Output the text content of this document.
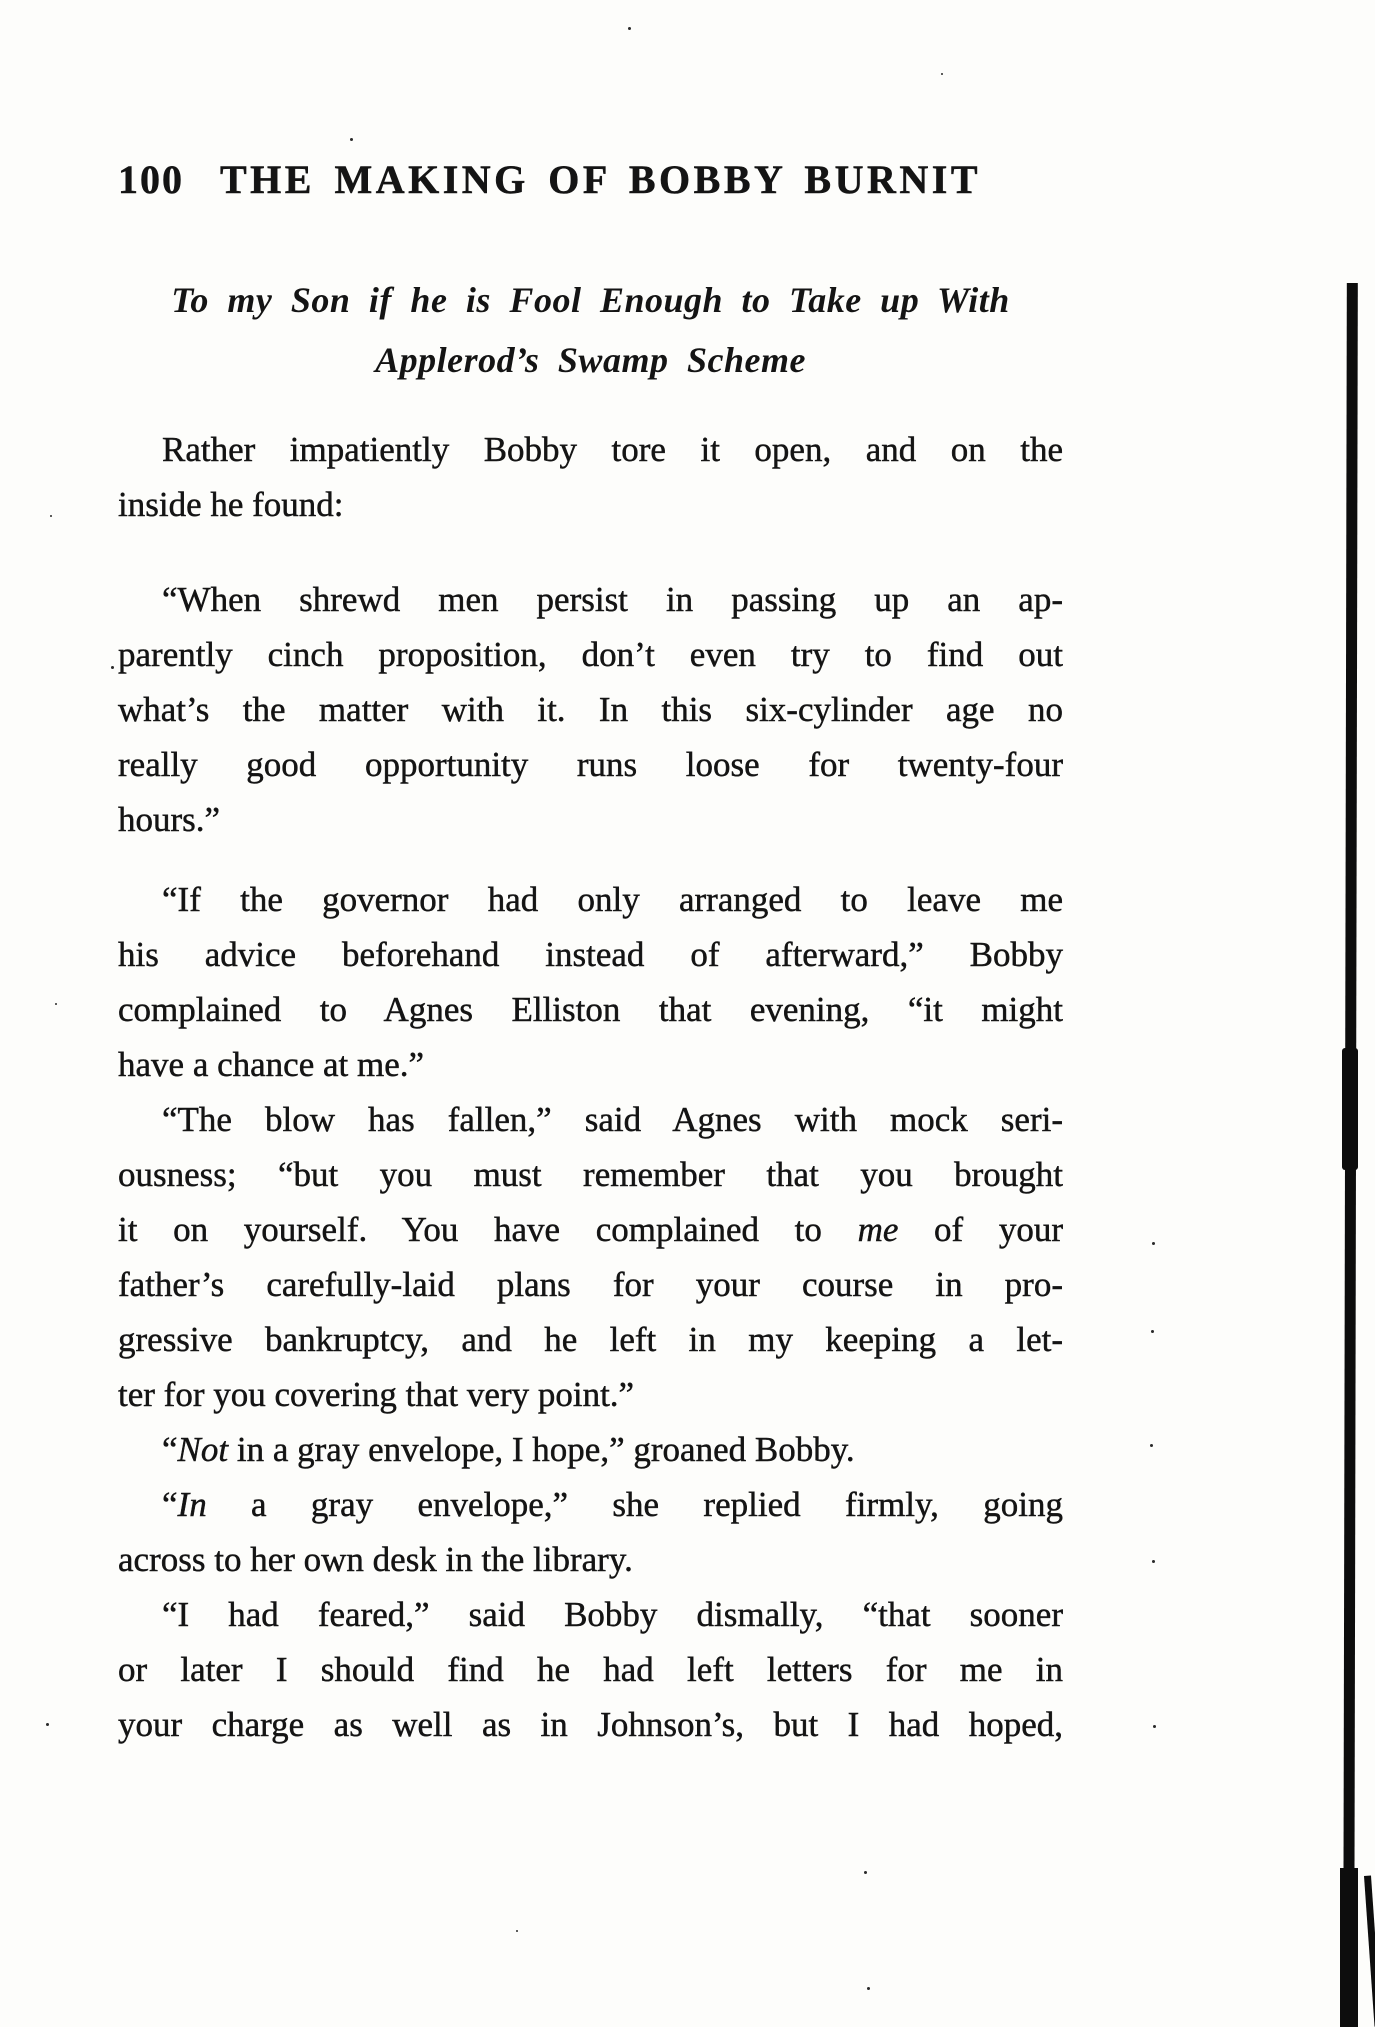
100 THE MAKING OF BOBBY BURNIT
To my Son if he is Fool Enough to Take up With
Applerod’s Swamp Scheme
Rather impatiently Bobby tore it open, and on the
inside he found:
“When shrewd men persist in passing up an ap-
parently cinch proposition, don’t even try to find out
what’s the matter with it. In this six-cylinder age no
really good opportunity runs loose for twenty-four
hours.”
“If the governor had only arranged to leave me
his advice beforehand instead of afterward,” Bobby
complained to Agnes Elliston that evening, “it might
have a chance at me.”
“The blow has fallen,” said Agnes with mock seri-
ousness; “but you must remember that you brought
it on yourself. You have complained to me of your
father’s carefully-laid plans for your course in pro-
gressive bankruptcy, and he left in my keeping a let-
ter for you covering that very point.”
“Not in a gray envelope, I hope,” groaned Bobby.
“In a gray envelope,” she replied firmly, going
across to her own desk in the library.
“I had feared,” said Bobby dismally, “that sooner
or later I should find he had left letters for me in
your charge as well as in Johnson’s, but I had hoped,
